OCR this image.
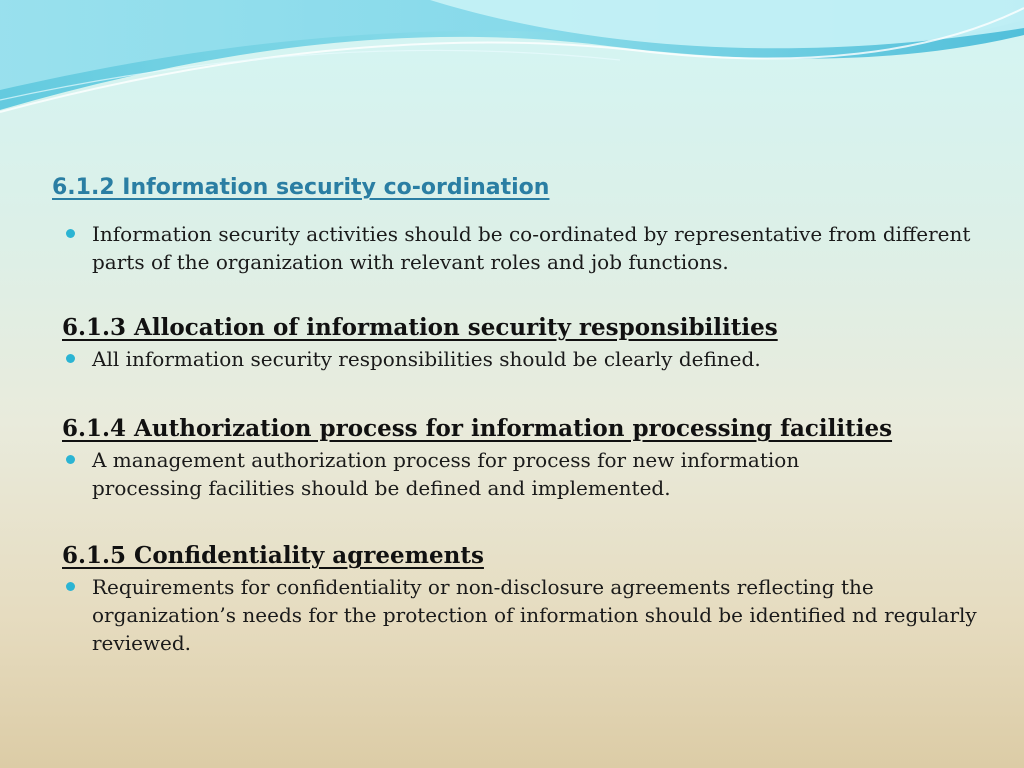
6.1.2 Information security co-ordination

Information security activities should be co-ordinated by representative from different parts of the organization with relevant roles and job functions.

6.1.3 Allocation of information security responsibilities

All information security responsibilities should be clearly defined.

6.1.4 Authorization process for information processing facilities

A management authorization process for process for new information processing facilities should be defined and implemented.

6.1.5 Confidentiality agreements

Requirements for confidentiality or non-disclosure agreements reflecting the organization’s needs for the protection of information should be identified nd regularly reviewed.
